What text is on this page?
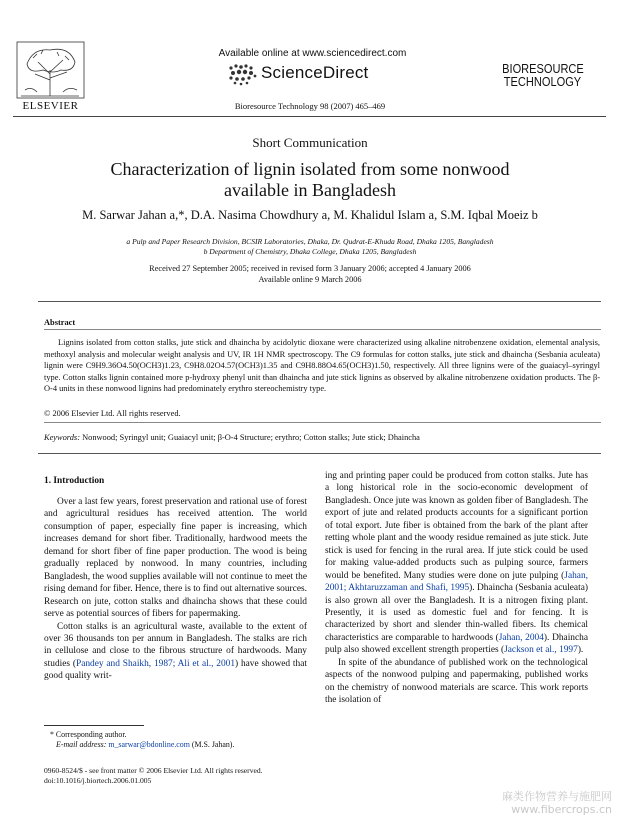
Available online at www.sciencedirect.com
ScienceDirect
Bioresource Technology 98 (2007) 465–469
ELSEVIER
BIORESOURCE
TECHNOLOGY
Short Communication
Characterization of lignin isolated from some nonwood
available in Bangladesh
M. Sarwar Jahan a,*, D.A. Nasima Chowdhury a, M. Khalidul Islam a, S.M. Iqbal Moeiz b
a Pulp and Paper Research Division, BCSIR Laboratories, Dhaka, Dr. Qudrat-E-Khuda Road, Dhaka 1205, Bangladesh
b Department of Chemistry, Dhaka College, Dhaka 1205, Bangladesh
Received 27 September 2005; received in revised form 3 January 2006; accepted 4 January 2006
Available online 9 March 2006
Abstract
Lignins isolated from cotton stalks, jute stick and dhaincha by acidolytic dioxane were characterized using alkaline nitrobenzene oxidation, elemental analysis, methoxyl analysis and molecular weight analysis and UV, IR 1H NMR spectroscopy. The C9 formulas for cotton stalks, jute stick and dhaincha (Sesbania aculeata) lignin were C9H9.36O4.50(OCH3)1.23, C9H8.02O4.57(OCH3)1.35 and C9H8.88O4.65(OCH3)1.50, respectively. All three lignins were of the guaiacyl–syringyl type. Cotton stalks lignin contained more p-hydroxy phenyl unit than dhaincha and jute stick lignins as observed by alkaline nitrobenzene oxidation products. The β-O-4 units in these nonwood lignins had predominately erythro stereochemistry type.
© 2006 Elsevier Ltd. All rights reserved.
Keywords: Nonwood; Syringyl unit; Guaiacyl unit; β-O-4 Structure; erythro; Cotton stalks; Jute stick; Dhaincha
1. Introduction

Over a last few years, forest preservation and rational use of forest and agricultural residues has received attention. The world consumption of paper, especially fine paper is increasing, which increases demand for short fiber. Traditionally, hardwood meets the demand for short fiber of fine paper production. The wood is being gradually replaced by nonwood. In many countries, including Bangladesh, the wood supplies available will not continue to meet the rising demand for fiber. Hence, there is to find out alternative sources. Research on jute, cotton stalks and dhaincha shows that these could serve as potential sources of fibers for papermaking.

Cotton stalks is an agricultural waste, available to the extent of over 36 thousands ton per annum in Bangladesh. The stalks are rich in cellulose and close to the fibrous structure of hardwoods. Many studies (Pandey and Shaikh, 1987; Ali et al., 2001) have showed that good quality writ-

ing and printing paper could be produced from cotton stalks. Jute has a long historical role in the socio-economic development of Bangladesh. Once jute was known as golden fiber of Bangladesh. The export of jute and related products accounts for a significant portion of total export. Jute fiber is obtained from the bark of the plant after retting whole plant and the woody residue remained as jute stick. Jute stick is used for fencing in the rural area. If jute stick could be used for making value-added products such as pulping source, farmers would be benefited. Many studies were done on jute pulping (Jahan, 2001; Akhtaruzzaman and Shafi, 1995). Dhaincha (Sesbania aculeata) is also grown all over the Bangladesh. It is a nitrogen fixing plant. Presently, it is used as domestic fuel and for fencing. It is characterized by short and slender thin-walled fibers. Its chemical characteristics are comparable to hardwoods (Jahan, 2004). Dhaincha pulp also showed excellent strength properties (Jackson et al., 1997).

In spite of the abundance of published work on the technological aspects of the nonwood pulping and papermaking, published works on the chemistry of nonwood materials are scarce. This work reports the isolation of

* Corresponding author.
E-mail address: m_sarwar@bdonline.com (M.S. Jahan).
0960-8524/$ - see front matter © 2006 Elsevier Ltd. All rights reserved.
doi:10.1016/j.biortech.2006.01.005
麻类作物营养与施肥网
www.fibercrops.cn
